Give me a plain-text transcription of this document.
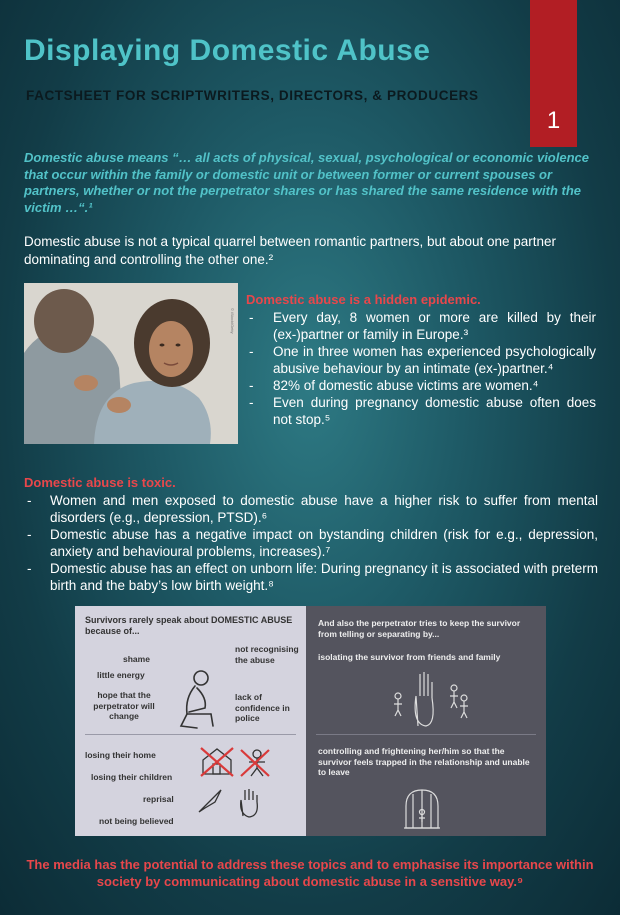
1
Displaying Domestic Abuse
FACTSHEET FOR SCRIPTWRITERS, DIRECTORS, & PRODUCERS

Domestic abuse means “… all acts of physical, sexual, psychological or economic violence that occur within the family or domestic unit or between former or current spouses or partners, whether or not the perpetrator shares or has shared the same residence with the victim …“.¹

Domestic abuse is not a typical quarrel between romantic partners, but about one partner dominating and controlling the other one.²

© iStock/Getty
Domestic abuse is a hidden epidemic.
- Every day, 8 women or more are killed by their (ex-)partner or family in Europe.³
- One in three women has experienced psychologically abusive behaviour by an intimate (ex-)partner.⁴
- 82% of domestic abuse victims are women.⁴
- Even during pregnancy domestic abuse often does not stop.⁵
Domestic abuse is toxic.
- Women and men exposed to domestic abuse have a higher risk to suffer from mental disorders (e.g., depression, PTSD).⁶
- Domestic abuse has a negative impact on bystanding children (risk for e.g., depression, anxiety and behavioural problems, increases).⁷
- Domestic abuse has an effect on unborn life: During pregnancy it is associated with preterm birth and the baby’s low birth weight.⁸
Survivors rarely speak about DOMESTIC ABUSE
because of...
shame
not recognising the abuse
little energy
hope that the perpetrator will change
lack of confidence in police
losing their home
losing their children
reprisal
not being believed
And also the perpetrator tries to keep the survivor from telling or separating by...
isolating the survivor from friends and family
controlling and frightening her/him so that the survivor feels trapped in the relationship and unable to leave

The media has the potential to address these topics and to emphasise its importance within society by communicating about domestic abuse in a sensitive way.⁹
